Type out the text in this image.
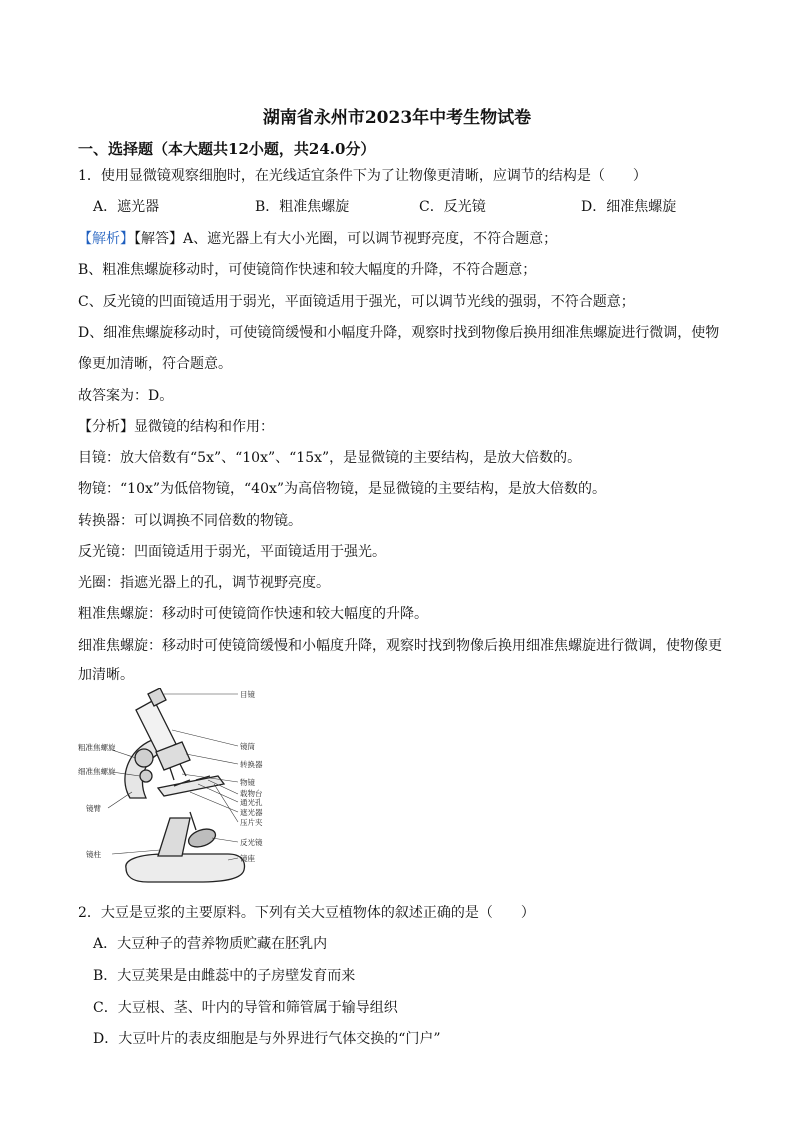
湖南省永州市2023年中考生物试卷
一、选择题（本大题共12小题，共24.0分）
1．使用显微镜观察细胞时，在光线适宜条件下为了让物像更清晰，应调节的结构是（　　）
A．遮光器	B．粗准焦螺旋	C．反光镜	D．细准焦螺旋
【解析】【解答】A、遮光器上有大小光圈，可以调节视野亮度，不符合题意；
B、粗准焦螺旋移动时，可使镜筒作快速和较大幅度的升降，不符合题意；
C、反光镜的凹面镜适用于弱光，平面镜适用于强光，可以调节光线的强弱，不符合题意；
D、细准焦螺旋移动时，可使镜筒缓慢和小幅度升降，观察时找到物像后换用细准焦螺旋进行微调，使物
像更加清晰，符合题意。
故答案为：D。
【分析】显微镜的结构和作用：
目镜：放大倍数有“5x”、“10x”、“15x”，是显微镜的主要结构，是放大倍数的。
物镜：“10x”为低倍物镜，“40x”为高倍物镜，是显微镜的主要结构，是放大倍数的。
转换器：可以调换不同倍数的物镜。
反光镜：凹面镜适用于弱光，平面镜适用于强光。
光圈：指遮光器上的孔，调节视野亮度。
粗准焦螺旋：移动时可使镜筒作快速和较大幅度的升降。
细准焦螺旋：移动时可使镜筒缓慢和小幅度升降，观察时找到物像后换用细准焦螺旋进行微调，使物像更
加清晰。
目镜
镜筒
转换器
物镜
载物台
通光孔
遮光器
压片夹
反光镜
镜座
粗准焦螺旋
细准焦螺旋
镜臂
镜柱
2．大豆是豆浆的主要原料。下列有关大豆植物体的叙述正确的是（　　）
A．大豆种子的营养物质贮藏在胚乳内
B．大豆荚果是由雌蕊中的子房壁发育而来
C．大豆根、茎、叶内的导管和筛管属于输导组织
D．大豆叶片的表皮细胞是与外界进行气体交换的“门户”
